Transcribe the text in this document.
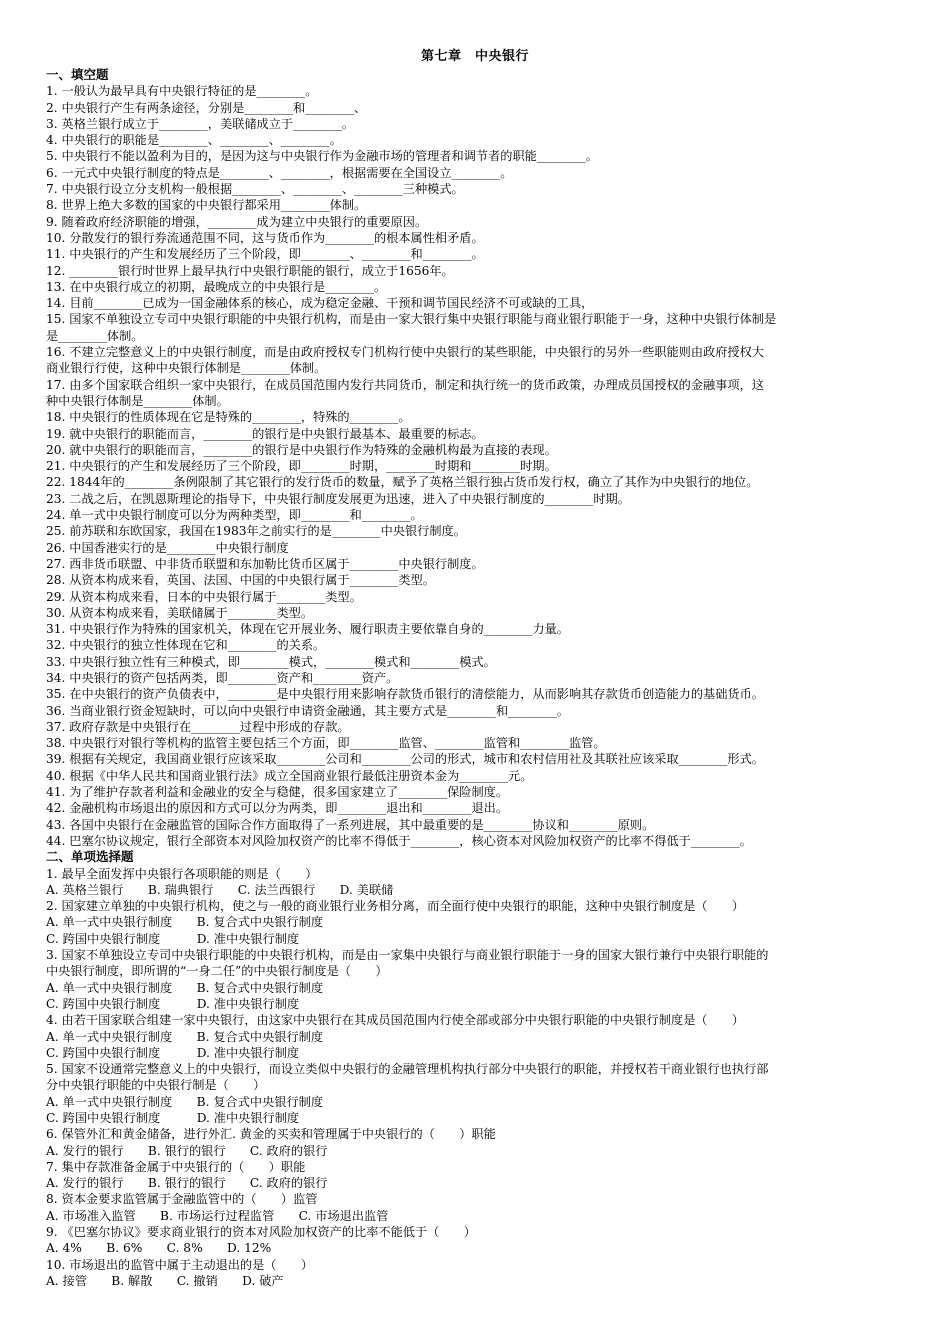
第七章　中央银行
一、填空题
1. 一般认为最早具有中央银行特征的是________。
2. 中央银行产生有两条途径，分别是________和________、
3. 英格兰银行成立于________，美联储成立于________。
4. 中央银行的职能是________、________、________。
5. 中央银行不能以盈利为目的，是因为这与中央银行作为金融市场的管理者和调节者的职能________。
6. 一元式中央银行制度的特点是________、________，根据需要在全国设立________。
7. 中央银行设立分支机构一般根据________、________、________三种模式。
8. 世界上绝大多数的国家的中央银行都采用________体制。
9. 随着政府经济职能的增强，________成为建立中央银行的重要原因。
10. 分散发行的银行券流通范围不同，这与货币作为________的根本属性相矛盾。
11. 中央银行的产生和发展经历了三个阶段，即________、________和________。
12. ________银行时世界上最早执行中央银行职能的银行，成立于1656年。
13. 在中央银行成立的初期，最晚成立的中央银行是________。
14. 目前________已成为一国金融体系的核心，成为稳定金融、干预和调节国民经济不可或缺的工具，
15. 国家不单独设立专司中央银行职能的中央银行机构，而是由一家大银行集中央银行职能与商业银行职能于一身，这种中央银行体制是
是________体制。
16. 不建立完整意义上的中央银行制度，而是由政府授权专门机构行使中央银行的某些职能，中央银行的另外一些职能则由政府授权大
商业银行行使，这种中央银行体制是________体制。
17. 由多个国家联合组织一家中央银行，在成员国范围内发行共同货币，制定和执行统一的货币政策，办理成员国授权的金融事项，这
种中央银行体制是________体制。
18. 中央银行的性质体现在它是特殊的________，特殊的________。
19. 就中央银行的职能而言，________的银行是中央银行最基本、最重要的标志。
20. 就中央银行的职能而言，________的银行是中央银行作为特殊的金融机构最为直接的表现。
21. 中央银行的产生和发展经历了三个阶段，即________时期，________时期和________时期。
22. 1844年的________条例限制了其它银行的发行货币的数量，赋予了英格兰银行独占货币发行权，确立了其作为中央银行的地位。
23. 二战之后，在凯恩斯理论的指导下，中央银行制度发展更为迅速，进入了中央银行制度的________时期。
24. 单一式中央银行制度可以分为两种类型，即________和________。
25. 前苏联和东欧国家，我国在1983年之前实行的是________中央银行制度。
26. 中国香港实行的是________中央银行制度
27. 西非货币联盟、中非货币联盟和东加勒比货币区属于________中央银行制度。
28. 从资本构成来看，英国、法国、中国的中央银行属于________类型。
29. 从资本构成来看，日本的中央银行属于________类型。
30. 从资本构成来看，美联储属于________类型。
31. 中央银行作为特殊的国家机关，体现在它开展业务、履行职责主要依靠自身的________力量。
32. 中央银行的独立性体现在它和________的关系。
33. 中央银行独立性有三种模式，即________模式，________模式和________模式。
34. 中央银行的资产包括两类，即________资产和________资产。
35. 在中央银行的资产负债表中，________是中央银行用来影响存款货币银行的清偿能力，从而影响其存款货币创造能力的基础货币。
36. 当商业银行资金短缺时，可以向中央银行申请资金融通，其主要方式是________和________。
37. 政府存款是中央银行在________过程中形成的存款。
38. 中央银行对银行等机构的监管主要包括三个方面，即________监管、________监管和________监管。
39. 根据有关规定，我国商业银行应该采取________公司和________公司的形式，城市和农村信用社及其联社应该采取________形式。
40. 根据《中华人民共和国商业银行法》成立全国商业银行最低注册资本金为________元。
41. 为了维护存款者利益和金融业的安全与稳健，很多国家建立了________保险制度。
42. 金融机构市场退出的原因和方式可以分为两类，即________退出和________退出。
43. 各国中央银行在金融监管的国际合作方面取得了一系列进展，其中最重要的是________协议和________原则。
44. 巴塞尔协议规定，银行全部资本对风险加权资产的比率不得低于________，核心资本对风险加权资产的比率不得低于________。
二、单项选择题
1. 最早全面发挥中央银行各项职能的则是（　　）
A. 英格兰银行　　B. 瑞典银行　　C. 法兰西银行　　D. 美联储
2. 国家建立单独的中央银行机构，使之与一般的商业银行业务相分离，而全面行使中央银行的职能，这种中央银行制度是（　　）
A. 单一式中央银行制度　　B. 复合式中央银行制度
C. 跨国中央银行制度　　　D. 准中央银行制度
3. 国家不单独设立专司中央银行职能的中央银行机构，而是由一家集中央银行与商业银行职能于一身的国家大银行兼行中央银行职能的
中央银行制度，即所谓的“一身二任”的中央银行制度是（　　）
A. 单一式中央银行制度　　B. 复合式中央银行制度
C. 跨国中央银行制度　　　D. 准中央银行制度
4. 由若干国家联合组建一家中央银行，由这家中央银行在其成员国范围内行使全部或部分中央银行职能的中央银行制度是（　　）
A. 单一式中央银行制度　　B. 复合式中央银行制度
C. 跨国中央银行制度　　　D. 准中央银行制度
5. 国家不设通常完整意义上的中央银行，而设立类似中央银行的金融管理机构执行部分中央银行的职能，并授权若干商业银行也执行部
分中央银行职能的中央银行制是（　　）
A. 单一式中央银行制度　　B. 复合式中央银行制度
C. 跨国中央银行制度　　　D. 准中央银行制度
6. 保管外汇和黄金储备，进行外汇. 黄金的买卖和管理属于中央银行的（　　）职能
A. 发行的银行　　B. 银行的银行　　C. 政府的银行
7. 集中存款准备金属于中央银行的（　　）职能
A. 发行的银行　　B. 银行的银行　　C. 政府的银行
8. 资本金要求监管属于金融监管中的（　　）监管
A. 市场准入监管　　B. 市场运行过程监管　　C. 市场退出监管
9. 《巴塞尔协议》要求商业银行的资本对风险加权资产的比率不能低于（　　）
A. 4%　　B. 6%　　C. 8%　　D. 12%
10. 市场退出的监管中属于主动退出的是（　　）
A. 接管　　B. 解散　　C. 撤销　　D. 破产
